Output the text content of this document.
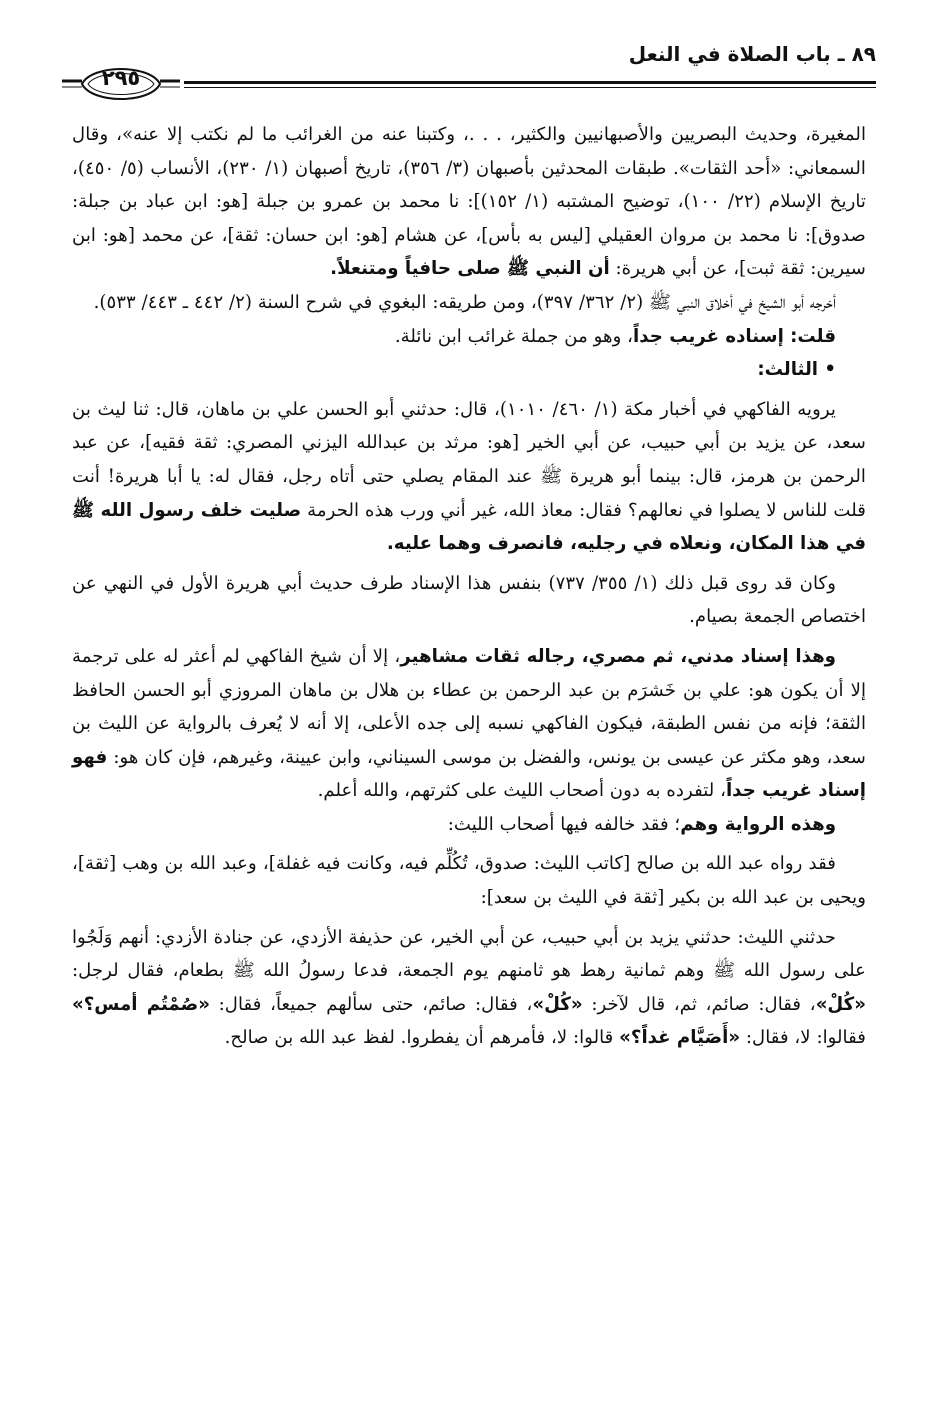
٨٩ ـ باب الصلاة في النعل
٢٩٥

المغيرة، وحديث البصريين والأصبهانيين والكثير، . . .، وكتبنا عنه من الغرائب ما لم نكتب إلا عنه»، وقال السمعاني: «أحد الثقات». طبقات المحدثين بأصبهان (٣/ ٣٥٦)، تاريخ أصبهان (١/ ٢٣٠)، الأنساب (٥/ ٤٥٠)، تاريخ الإسلام (٢٢/ ١٠٠)، توضيح المشتبه (١/ ١٥٢)]: نا محمد بن عمرو بن جبلة [هو: ابن عباد بن جبلة: صدوق]: نا محمد بن مروان العقيلي [ليس به بأس]، عن هشام [هو: ابن حسان: ثقة]، عن محمد [هو: ابن سيرين: ثقة ثبت]، عن أبي هريرة: أن النبي ﷺ صلى حافياً ومتنعلاً.

أخرجه أبو الشيخ في أخلاق النبي ﷺ (٢/ ٣٦٢/ ٣٩٧)، ومن طريقه: البغوي في شرح السنة (٢/ ٤٤٢ ـ ٤٤٣/ ٥٣٣).

قلت: إسناده غريب جداً، وهو من جملة غرائب ابن نائلة.

• الثالث:

يرويه الفاكهي في أخبار مكة (١/ ٤٦٠/ ١٠١٠)، قال: حدثني أبو الحسن علي بن ماهان، قال: ثنا ليث بن سعد، عن يزيد بن أبي حبيب، عن أبي الخير [هو: مرثد بن عبدالله اليزني المصري: ثقة فقيه]، عن عبد الرحمن بن هرمز، قال: بينما أبو هريرة ﷺ عند المقام يصلي حتى أتاه رجل، فقال له: يا أبا هريرة! أنت قلت للناس لا يصلوا في نعالهم؟ فقال: معاذ الله، غير أني ورب هذه الحرمة صليت خلف رسول الله ﷺ في هذا المكان، ونعلاه في رجليه، فانصرف وهما عليه.

وكان قد روى قبل ذلك (١/ ٣٥٥/ ٧٣٧) بنفس هذا الإسناد طرف حديث أبي هريرة الأول في النهي عن اختصاص الجمعة بصيام.

وهذا إسناد مدني، ثم مصري، رجاله ثقات مشاهير، إلا أن شيخ الفاكهي لم أعثر له على ترجمة إلا أن يكون هو: علي بن خَشرَم بن عبد الرحمن بن عطاء بن هلال بن ماهان المروزي أبو الحسن الحافظ الثقة؛ فإنه من نفس الطبقة، فيكون الفاكهي نسبه إلى جده الأعلى، إلا أنه لا يُعرف بالرواية عن الليث بن سعد، وهو مكثر عن عيسى بن يونس، والفضل بن موسى السيناني، وابن عيينة، وغيرهم، فإن كان هو: فهو إسناد غريب جداً، لتفرده به دون أصحاب الليث على كثرتهم، والله أعلم.

وهذه الرواية وهم؛ فقد خالفه فيها أصحاب الليث:

فقد رواه عبد الله بن صالح [كاتب الليث: صدوق، تُكُلِّم فيه، وكانت فيه غفلة]، وعبد الله بن وهب [ثقة]، ويحيى بن عبد الله بن بكير [ثقة في الليث بن سعد]:

حدثني الليث: حدثني يزيد بن أبي حبيب، عن أبي الخير، عن حذيفة الأزدي، عن جنادة الأزدي: أنهم وَلَجُوا على رسول الله ﷺ وهم ثمانية رهط هو ثامنهم يوم الجمعة، فدعا رسولُ الله ﷺ بطعام، فقال لرجل: «كُلْ»، فقال: صائم، ثم، قال لآخر: «كُلْ»، فقال: صائم، حتى سألهم جميعاً، فقال: «صُمْتُم أمس؟» فقالوا: لا، فقال: «أَصَيَّام غداً؟» قالوا: لا، فأمرهم أن يفطروا. لفظ عبد الله بن صالح.
